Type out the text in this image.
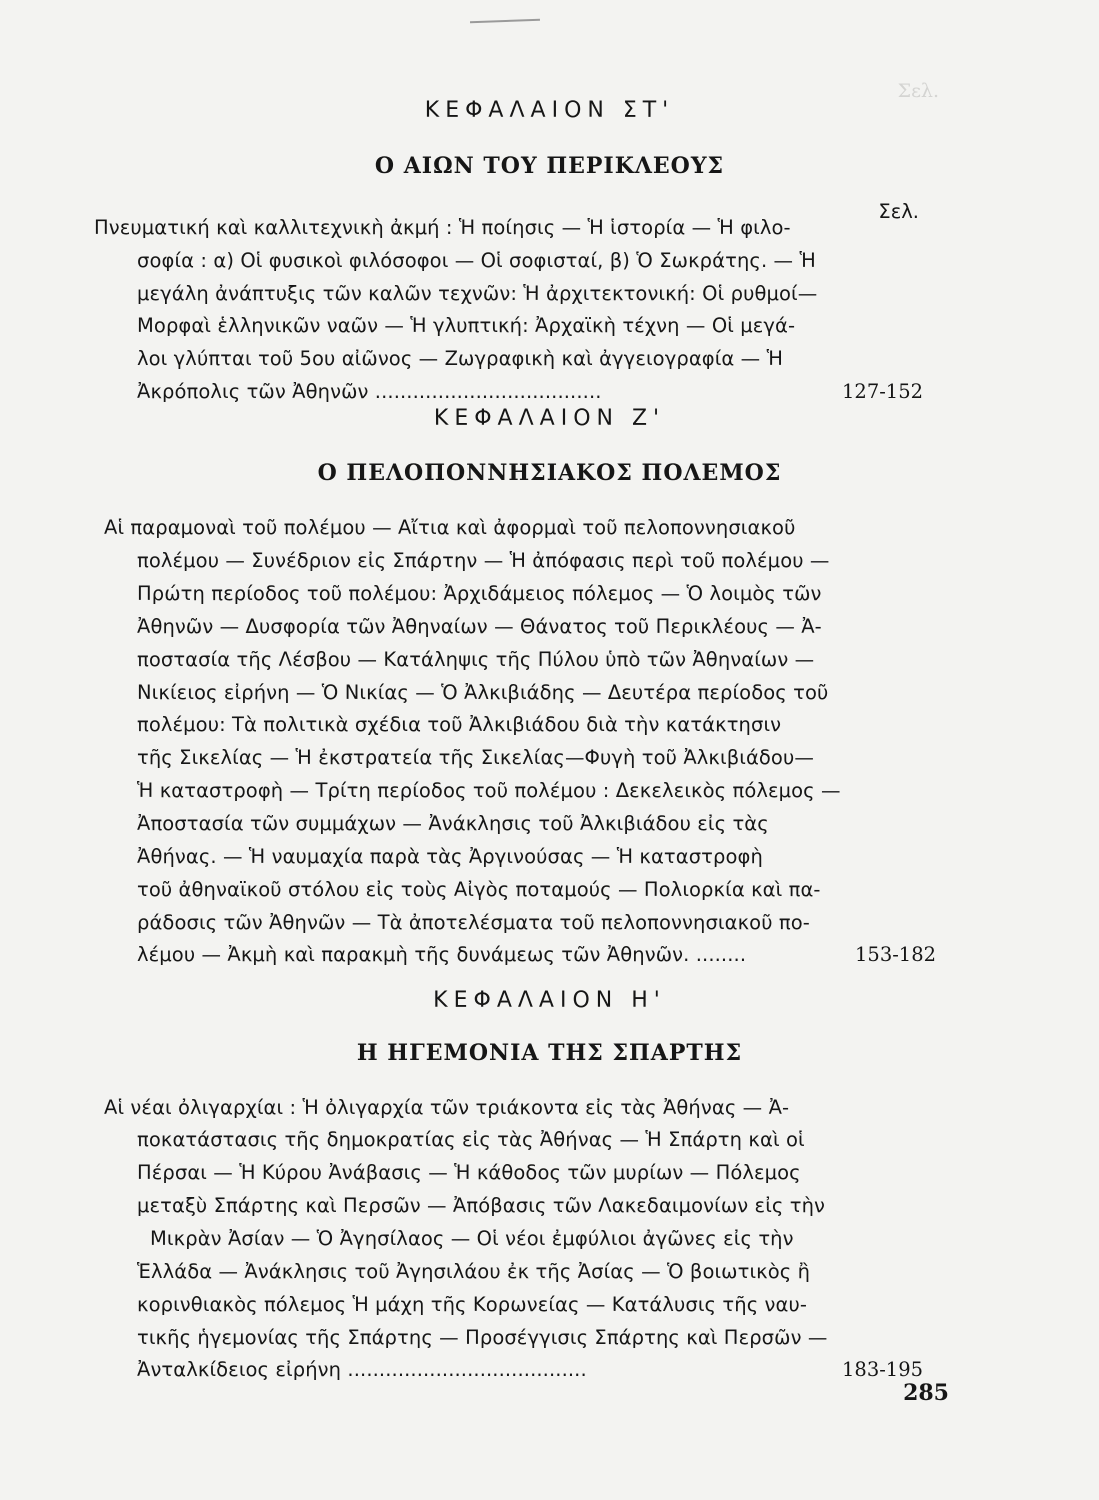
Σελ.
ΚΕΦΑΛΑΙΟΝ ΣΤ'
Ο ΑΙΩΝ ΤΟΥ ΠΕΡΙΚΛΕΟΥΣ
Σελ.
Πνευματική καὶ καλλιτεχνικὴ ἀκμή : Ἡ ποίησις — Ἡ ἱστορία — Ἡ φιλο-
σοφία : α) Οἱ φυσικοὶ φιλόσοφοι — Οἱ σοφισταί, β) Ὁ Σωκράτης. — Ἡ
μεγάλη ἀνάπτυξις τῶν καλῶν τεχνῶν: Ἡ ἀρχιτεκτονική: Οἱ ρυθμοί—
Μορφαὶ ἑλληνικῶν ναῶν — Ἡ γλυπτική: Ἀρχαϊκὴ τέχνη — Οἱ μεγά-
λοι γλύπται τοῦ 5ου αἰῶνος — Ζωγραφικὴ καὶ ἀγγειογραφία — Ἡ
Ἀκρόπολις τῶν Ἀθηνῶν ....................................	127-152
ΚΕΦΑΛΑΙΟΝ Ζ'
Ο ΠΕΛΟΠΟΝΝΗΣΙΑΚΟΣ ΠΟΛΕΜΟΣ
Αἱ παραμοναὶ τοῦ πολέμου — Αἴτια καὶ ἀφορμαὶ τοῦ πελοποννησιακοῦ
πολέμου — Συνέδριον εἰς Σπάρτην — Ἡ ἀπόφασις περὶ τοῦ πολέμου —
Πρώτη περίοδος τοῦ πολέμου: Ἀρχιδάμειος πόλεμος — Ὁ λοιμὸς τῶν
Ἀθηνῶν — Δυσφορία τῶν Ἀθηναίων — Θάνατος τοῦ Περικλέους — Ἀ-
ποστασία τῆς Λέσβου — Κατάληψις τῆς Πύλου ὑπὸ τῶν Ἀθηναίων —
Νικίειος εἰρήνη — Ὁ Νικίας — Ὁ Ἀλκιβιάδης — Δευτέρα περίοδος τοῦ
πολέμου: Τὰ πολιτικὰ σχέδια τοῦ Ἀλκιβιάδου διὰ τὴν κατάκτησιν
τῆς Σικελίας — Ἡ ἐκστρατεία τῆς Σικελίας—Φυγὴ τοῦ Ἀλκιβιάδου—
Ἡ καταστροφὴ — Τρίτη περίοδος τοῦ πολέμου : Δεκελεικὸς πόλεμος —
Ἀποστασία τῶν συμμάχων — Ἀνάκλησις τοῦ Ἀλκιβιάδου εἰς τὰς
Ἀθήνας. — Ἡ ναυμαχία παρὰ τὰς Ἀργινούσας — Ἡ καταστροφὴ
τοῦ ἀθηναϊκοῦ στόλου εἰς τοὺς Αἰγὸς ποταμούς — Πολιορκία καὶ πα-
ράδοσις τῶν Ἀθηνῶν — Τὰ ἀποτελέσματα τοῦ πελοποννησιακοῦ πο-
λέμου — Ἀκμὴ καὶ παρακμὴ τῆς δυνάμεως τῶν Ἀθηνῶν. ........	153-182
ΚΕΦΑΛΑΙΟΝ Η'
Η ΗΓΕΜΟΝΙΑ ΤΗΣ ΣΠΑΡΤΗΣ
Αἱ νέαι ὀλιγαρχίαι : Ἡ ὀλιγαρχία τῶν τριάκοντα εἰς τὰς Ἀθήνας — Ἀ-
ποκατάστασις τῆς δημοκρατίας εἰς τὰς Ἀθήνας — Ἡ Σπάρτη καὶ οἱ
Πέρσαι — Ἡ Κύρου Ἀνάβασις — Ἡ κάθοδος τῶν μυρίων — Πόλεμος
μεταξὺ Σπάρτης καὶ Περσῶν — Ἀπόβασις τῶν Λακεδαιμονίων εἰς τὴν
Μικρὰν Ἀσίαν — Ὁ Ἀγησίλαος — Οἱ νέοι ἐμφύλιοι ἀγῶνες εἰς τὴν
Ἑλλάδα — Ἀνάκλησις τοῦ Ἀγησιλάου ἐκ τῆς Ἀσίας — Ὁ βοιωτικὸς ἢ
κορινθιακὸς πόλεμος Ἡ μάχη τῆς Κορωνείας — Κατάλυσις τῆς ναυ-
τικῆς ἡγεμονίας τῆς Σπάρτης — Προσέγγισις Σπάρτης καὶ Περσῶν —
Ἀνταλκίδειος εἰρήνη ......................................	183-195
285
